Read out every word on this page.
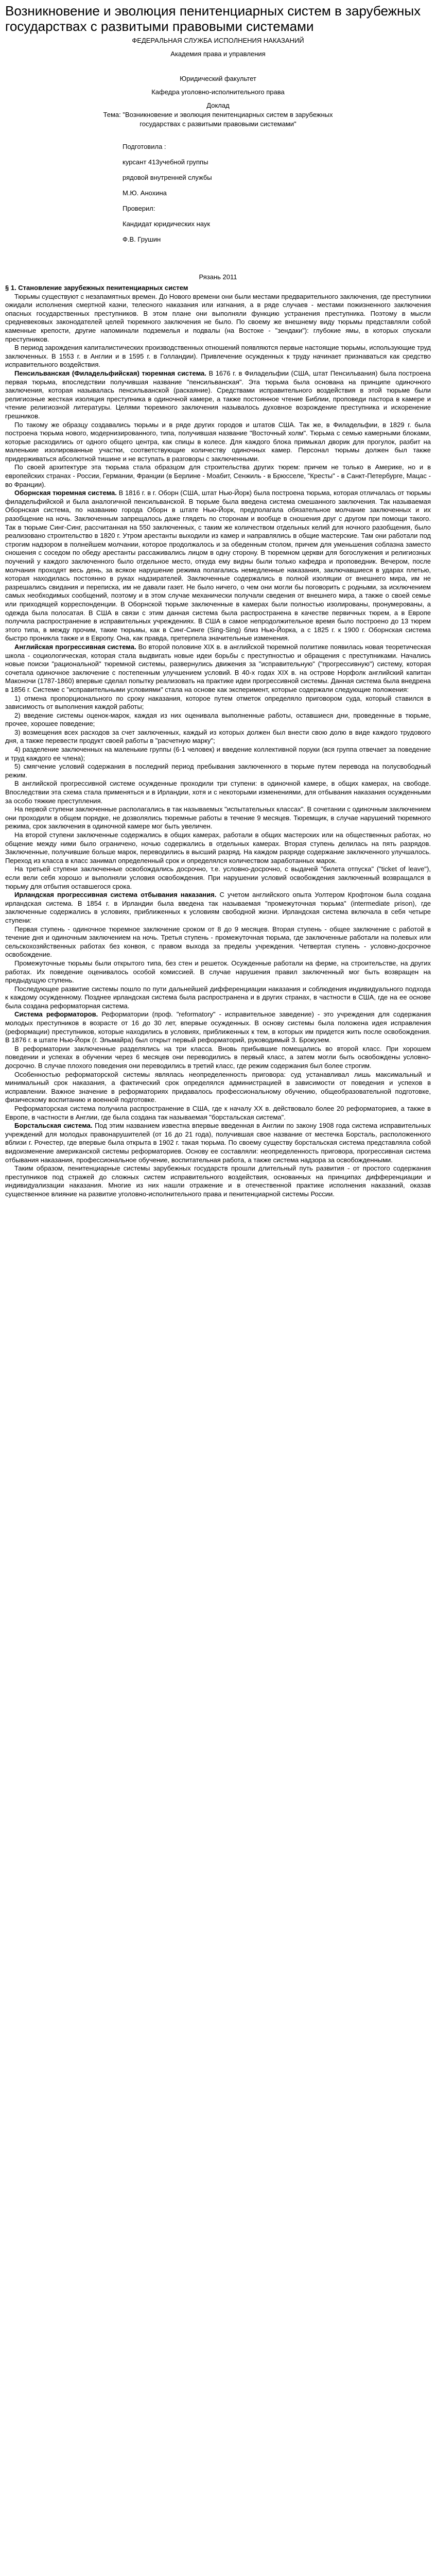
Возникновение и эволюция пенитенциарных систем в зарубежных государствах с развитыми правовыми системами

ФЕДЕРАЛЬНАЯ СЛУЖБА ИСПОЛНЕНИЯ НАКАЗАНИЙ

Академия права и управления

Юридический факультет

Кафедра уголовно-исполнительного права

Доклад

Тема: "Возникновение и эволюция пенитенциарных систем в зарубежных государствах с развитыми правовыми системами"

Подготовила :
курсант 413учебной группы
рядовой внутренней службы
М.Ю. Анохина
Проверил:
Кандидат юридических наук
Ф.В. Грушин
Рязань 2011

§ 1. Становление зарубежных пенитенциарных систем

Тюрьмы существуют с незапамятных времен. До Нового времени они были местами предварительного заключения, где преступники ожидали исполнения смертной казни, телесного наказания или изгнания, а в ряде случаев - местами пожизненного заключения опасных государственных преступников. В этом плане они выполняли функцию устранения преступника. Поэтому в мысли средневековых законодателей целей тюремного заключения не было. По своему же внешнему виду тюрьмы представляли собой каменные крепости, другие напоминали подземелья и подвалы (на Востоке - "зендаки"): глубокие ямы, в которых спускали преступников.

В период зарождения капиталистических производственных отношений появляются первые настоящие тюрьмы, использующие труд заключенных. В 1553 г. в Англии и в 1595 г. в Голландии). Привлечение осужденных к труду начинает признаваться как средство исправительного воздействия.

Пенсильванская (Филадельфийская) тюремная система. В 1676 г. в Филадельфии (США, штат Пенсильвания) была построена первая тюрьма, впоследствии получившая название "пенсильванская". Эта тюрьма была основана на принципе одиночного заключения, которая называлась пенсильванской (раскаяние). Средствами исправительного воздействия в этой тюрьме были религиозные жесткая изоляция преступника в одиночной камере, а также постоянное чтение Библии, проповеди пастора в камере и чтение религиозной литературы. Целями тюремного заключения называлось духовное возрождение преступника и искоренение грешников.

По такому же образцу создавались тюрьмы и в ряде других городов и штатов США. Так же, в Филадельфии, в 1829 г. была построена тюрьма нового, модернизированного, типа, получившая название "Восточный холм". Тюрьма с семью камерными блоками, которые расходились от одного общего центра, как спицы в колесе. Для каждого блока примыкал дворик для прогулок, разбит на маленькие изолированные участки, соответствующие количеству одиночных камер. Персонал тюрьмы должен был также придерживаться абсолютной тишине и не вступать в разговоры с заключенными.

По своей архитектуре эта тюрьма стала образцом для строительства других тюрем: причем не только в Америке, но и в европейских странах - России, Германии, Франции (в Берлине - Моабит, Сенжиль - в Брюсселе, "Кресты" - в Санкт-Петербурге, Мацас - во Франции).

Оборнская тюремная система. В 1816 г. в г. Оборн (США, штат Нью-Йорк) была построена тюрьма, которая отличалась от тюрьмы филадельфийской и была аналогичной пенсильванской. В тюрьме была введена система смешанного заключения. Так называемая Оборнская система, по названию города Оборн в штате Нью-Йорк, предполагала обязательное молчание заключенных и их разобщение на ночь. Заключенным запрещалось даже глядеть по сторонам и вообще в сношения друг с другом при помощи такого. Так в тюрьме Синг-Синг, рассчитанная на 550 заключенных, с таким же количеством отдельных келий для ночного разобщения, было реализовано строительство в 1820 г. Утром арестанты выходили из камер и направлялись в общие мастерские. Там они работали под строгим надзором в полнейшем молчании, которое продолжалось и за обеденным столом, причем для уменьшения соблазна заместо сношения с соседом по обеду арестанты рассаживались лицом в одну сторону. В тюремном церкви для богослужения и религиозных поучений у каждого заключенного было отдельное место, откуда ему видны были только кафедра и проповедник. Вечером, после молчания проходят весь день, за всякое нарушение режима полагались немедленные наказания, заключавшиеся в ударах плетью, которая находилась постоянно в руках надзирателей. Заключенные содержались в полной изоляции от внешнего мира, им не разрешались свидания и переписка, им не давали газет. Не было ничего, о чем они могли бы поговорить с родными, за исключением самых необходимых сообщений, поэтому и в этом случае механически получали сведения от внешнего мира, а также о своей семье или приходящей корреспонденции. В Оборнской тюрьме заключенные в камерах были полностью изолированы, пронумерованы, а одежда была полосатая. В США в связи с этим данная система была распространена в качестве первичных тюрем, а в Европе получила распространение в исправительных учреждениях. В США в самое непродолжительное время было построено до 13 тюрем этого типа, в между прочим, такие тюрьмы, как в Синг-Синге (Sing-Sing) близ Нью-Йорка, а с 1825 г. к 1900 г. Оборнская система быстро проникла также и в Европу. Она, как правда, претерпела значительные изменения.

Английская прогрессивная система. Во второй половине XIX в. в английской тюремной политике появилась новая теоретическая школа - социологическая, которая стала выдвигать новые идеи борьбы с преступностью и обращения с преступниками. Начались новые поиски "рациональной" тюремной системы, развернулись движения за "исправительную" ("прогрессивную") систему, которая сочетала одиночное заключение с постепенным улучшением условий. В 40-х годах XIX в. на острове Норфолк английский капитан Маконочи (1787-1860) впервые сделал попытку реализовать на практике идеи прогрессивной системы. Данная система была внедрена в 1856 г. Системе с "исправительными условиями" стала на основе как эксперимент, которые содержали следующие положения:

1) отмена пропорционального по сроку наказания, которое путем отметок определяло приговором суда, который ставился в зависимость от выполнения каждой работы;

2) введение системы оценок-марок, каждая из них оценивала выполненные работы, оставшиеся дни, проведенные в тюрьме, прочее, хорошее поведение;

3) возмещения всех расходов за счет заключенных, каждый из которых должен был внести свою долю в виде каждого трудового дня, а также перевести продукт своей работы в "расчетную марку";

4) разделение заключенных на маленькие группы (6-1 человек) и введение коллективной поруки (вся группа отвечает за поведение и труд каждого ее члена);

5) смягчение условий содержания в последний период пребывания заключенного в тюрьме путем перевода на полусвободный режим.

В английской прогрессивной системе осужденные проходили три ступени: в одиночной камере, в общих камерах, на свободе. Впоследствии эта схема стала применяться и в Ирландии, хотя и с некоторыми изменениями, для отбывания наказания осужденными за особо тяжкие преступления.

На первой ступени заключенные располагались в так называемых "испытательных классах". В сочетании с одиночным заключением они проходили в общем порядке, не дозволялись тюремные работы в течение 9 месяцев. Тюремщик, в случае нарушений тюремного режима, срок заключения в одиночной камере мог быть увеличен.

На второй ступени заключенные содержались в общих камерах, работали в общих мастерских или на общественных работах, но общение между ними было ограничено, ночью содержались в отдельных камерах. Вторая ступень делилась на пять разрядов. Заключенные, получившие больше марок, переводились в высший разряд. На каждом разряде содержание заключенного улучшалось. Переход из класса в класс занимал определенный срок и определялся количеством заработанных марок.

На третьей ступени заключенные освобождались досрочно, т.е. условно-досрочно, с выдачей "билета отпуска" ("ticket of leave"), если вели себя хорошо и выполняли условия освобождения. При нарушении условий освобождения заключенный возвращался в тюрьму для отбытия оставшегося срока.

Ирландская прогрессивная система отбывания наказания. С учетом английского опыта Уолтером Крофтоном была создана ирландская система. В 1854 г. в Ирландии была введена так называемая "промежуточная тюрьма" (intermediate prison), где заключенные содержались в условиях, приближенных к условиям свободной жизни. Ирландская система включала в себя четыре ступени:

Первая ступень - одиночное тюремное заключение сроком от 8 до 9 месяцев. Вторая ступень - общее заключение с работой в течение дня и одиночным заключением на ночь. Третья ступень - промежуточная тюрьма, где заключенные работали на полевых или сельскохозяйственных работах без конвоя, с правом выхода за пределы учреждения. Четвертая ступень - условно-досрочное освобождение.

Промежуточные тюрьмы были открытого типа, без стен и решеток. Осужденные работали на ферме, на строительстве, на других работах. Их поведение оценивалось особой комиссией. В случае нарушения правил заключенный мог быть возвращен на предыдущую ступень.

Последующее развитие системы пошло по пути дальнейшей дифференциации наказания и соблюдения индивидуального подхода к каждому осужденному. Позднее ирландская система была распространена и в других странах, в частности в США, где на ее основе была создана реформаторная система.

Система реформаторов. Реформатории (проф. "reformatory" - исправительное заведение) - это учреждения для содержания молодых преступников в возрасте от 16 до 30 лет, впервые осужденных. В основу системы была положена идея исправления (реформации) преступников, которые находились в условиях, приближенных к тем, в которых им придется жить после освобождения. В 1876 г. в штате Нью-Йорк (г. Эльмайра) был открыт первый реформаторий, руководимый З. Брокуэем.

В реформатории заключенные разделялись на три класса. Вновь прибывшие помещались во второй класс. При хорошем поведении и успехах в обучении через 6 месяцев они переводились в первый класс, а затем могли быть освобождены условно-досрочно. В случае плохого поведения они переводились в третий класс, где режим содержания был более строгим.

Особенностью реформаторской системы являлась неопределенность приговора: суд устанавливал лишь максимальный и минимальный срок наказания, а фактический срок определялся администрацией в зависимости от поведения и успехов в исправлении. Важное значение в реформаториях придавалось профессиональному обучению, общеобразовательной подготовке, физическому воспитанию и военной подготовке.

Реформаторская система получила распространение в США, где к началу XX в. действовало более 20 реформаториев, а также в Европе, в частности в Англии, где была создана так называемая "борстальская система".

Борстальская система. Под этим названием известна впервые введенная в Англии по закону 1908 года система исправительных учреждений для молодых правонарушителей (от 16 до 21 года), получившая свое название от местечка Борсталь, расположенного вблизи г. Рочестер, где впервые была открыта в 1902 г. такая тюрьма. По своему существу борстальская система представляла собой видоизменение американской системы реформаториев. Основу ее составляли: неопределенность приговора, прогрессивная система отбывания наказания, профессиональное обучение, воспитательная работа, а также система надзора за освобожденными.

Таким образом, пенитенциарные системы зарубежных государств прошли длительный путь развития - от простого содержания преступников под стражей до сложных систем исправительного воздействия, основанных на принципах дифференциации и индивидуализации наказания. Многие из них нашли отражение и в отечественной практике исполнения наказаний, оказав существенное влияние на развитие уголовно-исполнительного права и пенитенциарной системы России.
